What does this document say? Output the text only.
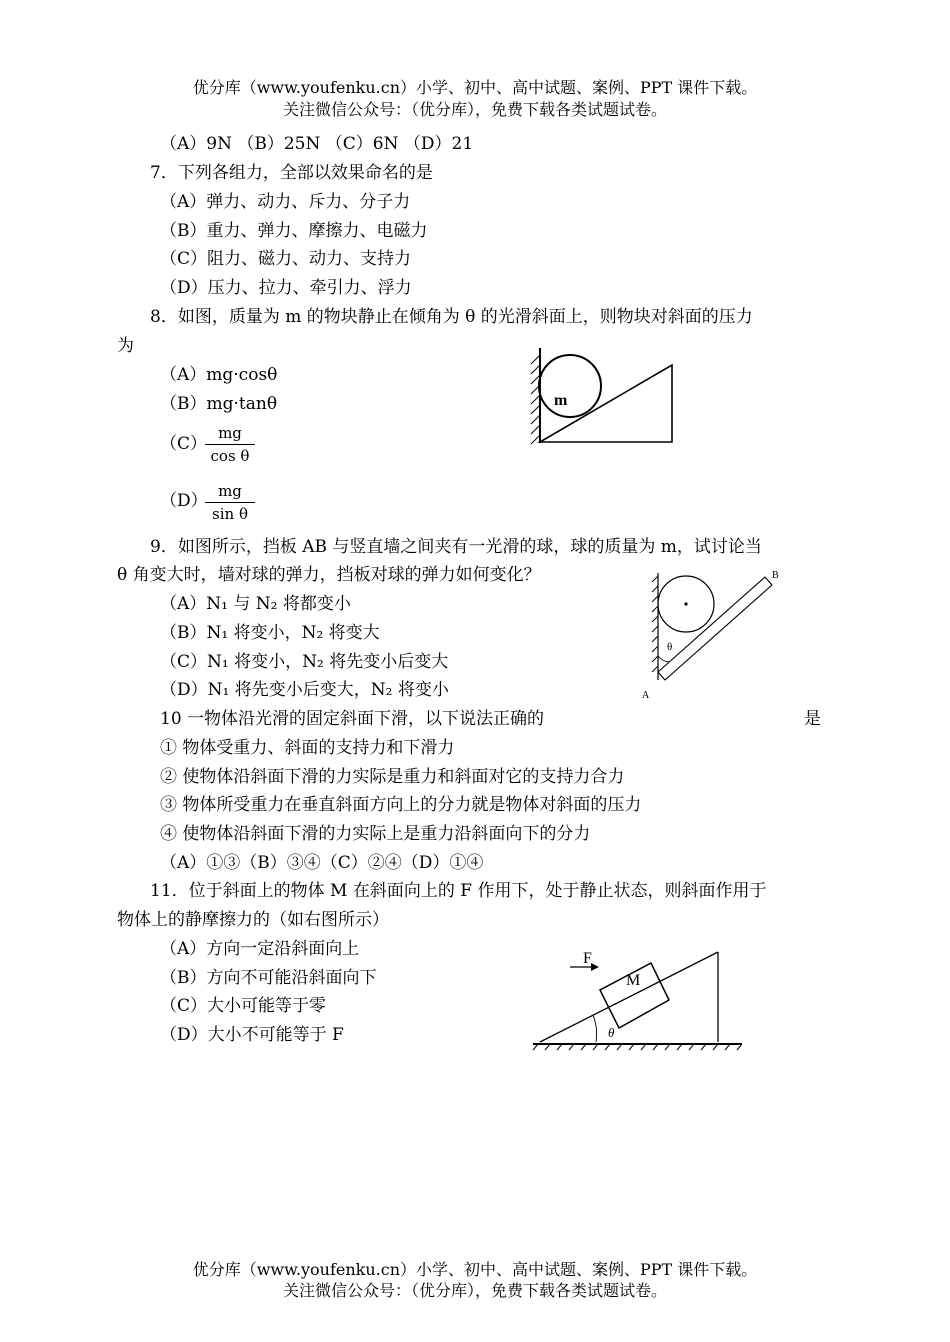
优分库（www.youfenku.cn）小学、初中、高中试题、案例、PPT 课件下载。
关注微信公众号：（优分库），免费下载各类试题试卷。
（A）9N （B）25N （C）6N （D）21
7．下列各组力，全部以效果命名的是
（A）弹力、动力、斥力、分子力
（B）重力、弹力、摩擦力、电磁力
（C）阻力、磁力、动力、支持力
（D）压力、拉力、牵引力、浮力
8．如图，质量为 m 的物块静止在倾角为 θ 的光滑斜面上，则物块对斜面的压力
为
（A）mg·cosθ
（B）mg·tanθ
（C）
mg
cos θ
（D） mg
sin θ
m
9．如图所示，挡板 AB 与竖直墙之间夹有一光滑的球，球的质量为 m，试讨论当
θ 角变大时，墙对球的弹力，挡板对球的弹力如何变化？
（A）N₁ 与 N₂ 将都变小
（B）N₁ 将变小，N₂ 将变大
（C）N₁ 将变小，N₂ 将先变小后变大
（D）N₁ 将先变小后变大，N₂ 将变小
θ
B
A
10 一物体沿光滑的固定斜面下滑，以下说法正确的	是
① 物体受重力、斜面的支持力和下滑力
② 使物体沿斜面下滑的力实际是重力和斜面对它的支持力合力
③ 物体所受重力在垂直斜面方向上的分力就是物体对斜面的压力
④ 使物体沿斜面下滑的力实际上是重力沿斜面向下的分力
（A）①③（B）③④（C）②④（D）①④
11．位于斜面上的物体 M 在斜面向上的 F 作用下，处于静止状态，则斜面作用于
物体上的静摩擦力的（如右图所示）
（A）方向一定沿斜面向上
（B）方向不可能沿斜面向下
（C）大小可能等于零
（D）大小不可能等于 F
F
M
θ
优分库（www.youfenku.cn）小学、初中、高中试题、案例、PPT 课件下载。
关注微信公众号：（优分库），免费下载各类试题试卷。
